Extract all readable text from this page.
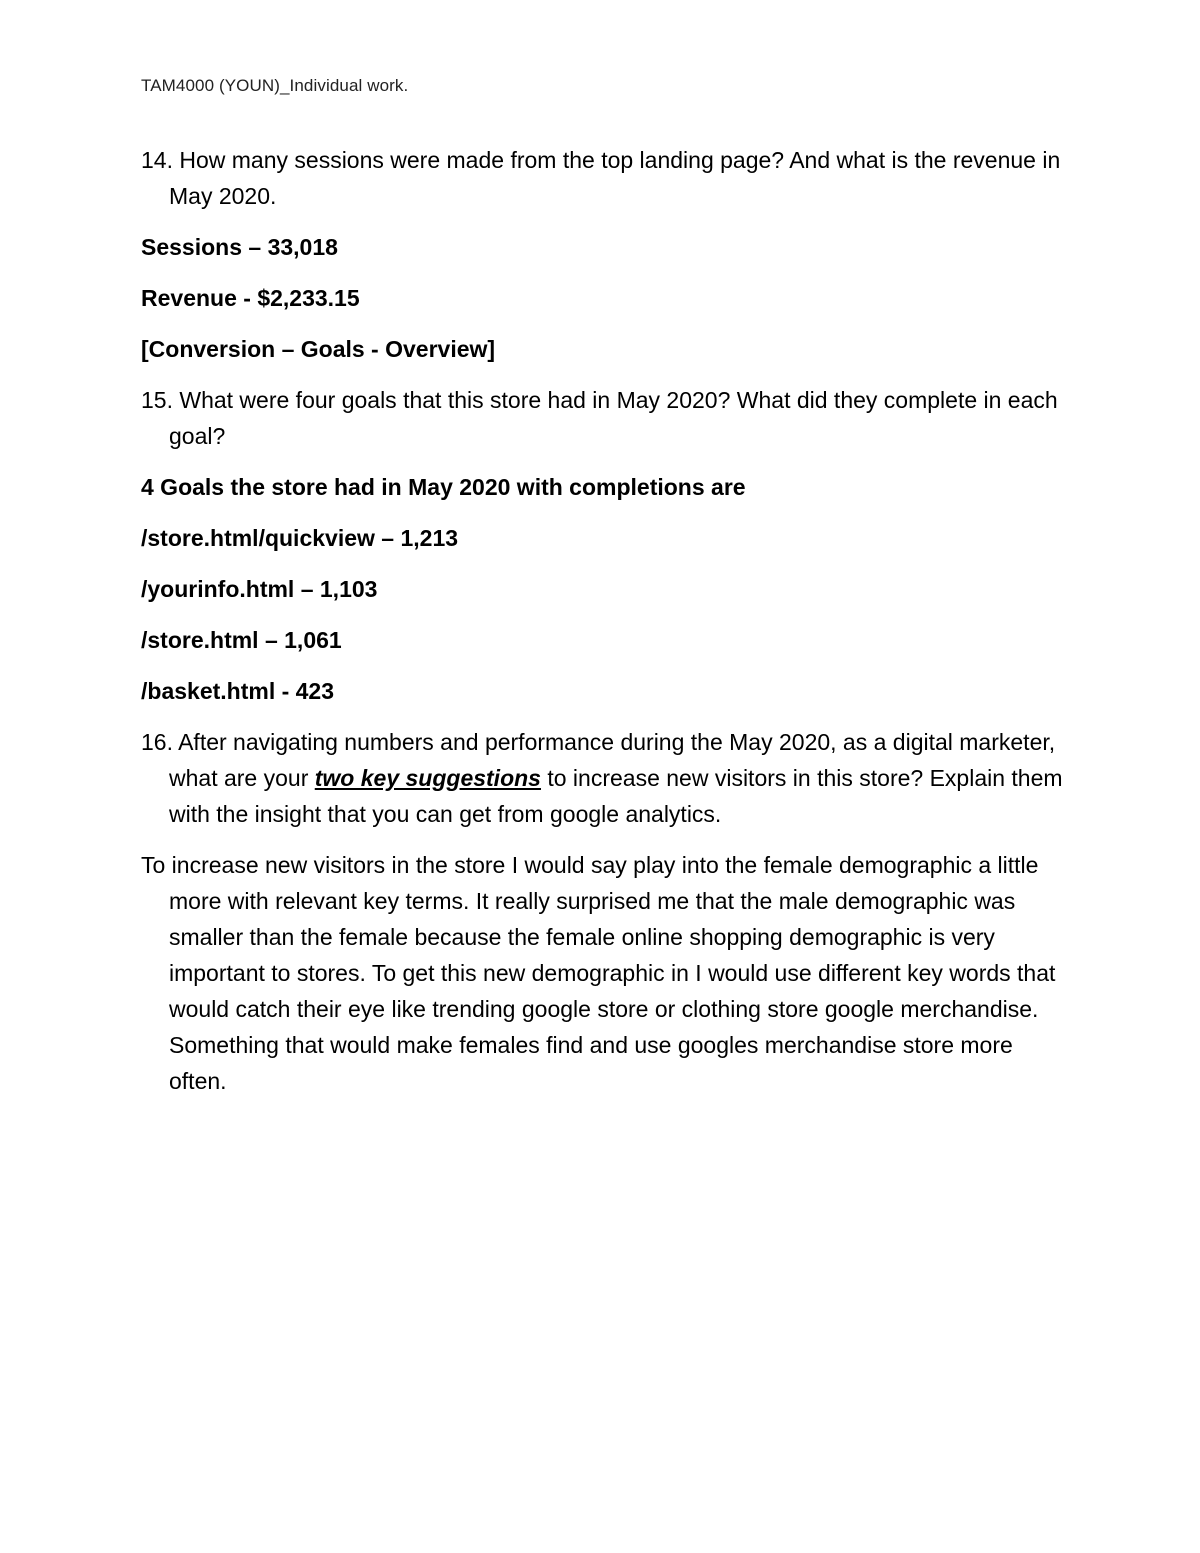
TAM4000 (YOUN)_Individual work.

14. How many sessions were made from the top landing page? And what is the revenue in May 2020.

Sessions – 33,018

Revenue - $2,233.15

[Conversion – Goals - Overview]

15. What were four goals that this store had in May 2020? What did they complete in each goal?

4 Goals the store had in May 2020 with completions are

/store.html/quickview – 1,213

/yourinfo.html – 1,103

/store.html – 1,061

/basket.html - 423

16. After navigating numbers and performance during the May 2020, as a digital marketer, what are your two key suggestions to increase new visitors in this store? Explain them with the insight that you can get from google analytics.

To increase new visitors in the store I would say play into the female demographic a little more with relevant key terms. It really surprised me that the male demographic was smaller than the female because the female online shopping demographic is very important to stores. To get this new demographic in I would use different key words that would catch their eye like trending google store or clothing store google merchandise. Something that would make females find and use googles merchandise store more often.
